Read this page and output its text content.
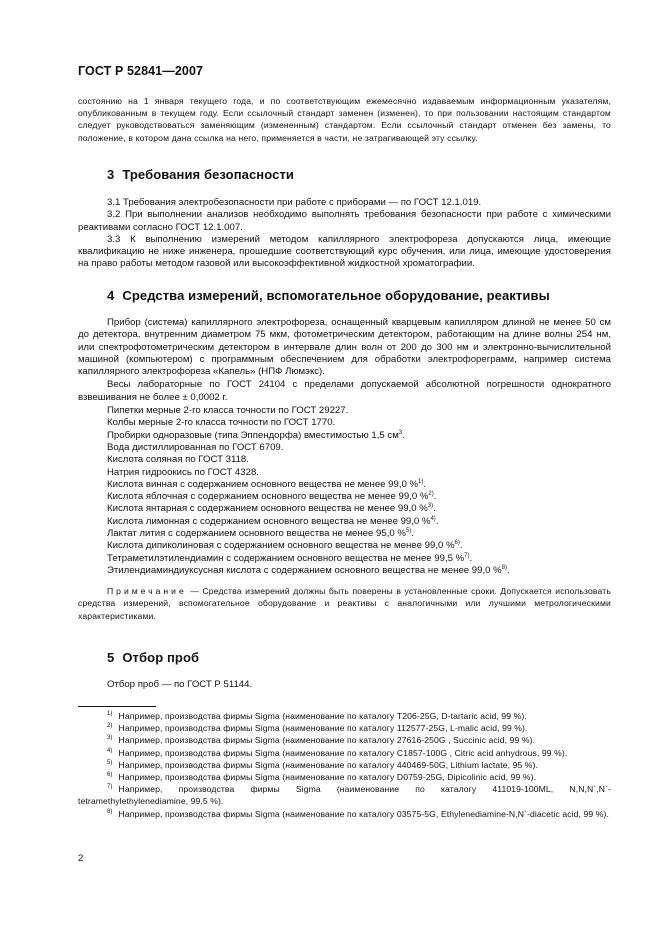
ГОСТ Р 52841—2007

состоянию на 1 января текущего года, и по соответствующим ежемесячно издаваемым информационным указателям, опубликованным в текущем году. Если ссылочный стандарт заменен (изменен), то при пользовании настоящим стандартом следует руководствоваться заменяющим (измененным) стандартом. Если ссылочный стандарт отменен без замены, то положение, в котором дана ссылка на него, применяется в части, не затрагивающей эту ссылку.

3 Требования безопасности

3.1 Требования электробезопасности при работе с приборами — по ГОСТ 12.1.019.

3.2 При выполнении анализов необходимо выполнять требования безопасности при работе с химическими реактивами согласно ГОСТ 12.1.007.

3.3 К выполнению измерений методом капиллярного электрофореза допускаются лица, имеющие квалификацию не ниже инженера, прошедшие соответствующий курс обучения, или лица, имеющие удостоверения на право работы методом газовой или высокоэффективной жидкостной хроматографии.

4 Средства измерений, вспомогательное оборудование, реактивы

Прибор (система) капиллярного электрофореза, оснащенный кварцевым капилляром длиной не менее 50 см до детектора, внутренним диаметром 75 мкм, фотометрическим детектором, работающим на длине волны 254 нм, или спектрофотометрическим детектором в интервале длин волн от 200 до 300 нм и электронно-вычислительной машиной (компьютером) с программным обеспечением для обработки электрофореграмм, например система капиллярного электрофореза «Капель» (НПФ Люмэкс).

Весы лабораторные по ГОСТ 24104 с пределами допускаемой абсолютной погрешности однократного взвешивания не более ± 0,0002 г.

Пипетки мерные 2-го класса точности по ГОСТ 29227.
Колбы мерные 2-го класса точности по ГОСТ 1770.
Пробирки одноразовые (типа Эппендорфа) вместимостью 1,5 $см^3$.
Вода дистиллированная по ГОСТ 6709.
Кислота соляная по ГОСТ 3118.
Натрия гидроокись по ГОСТ 4328.
Кислота винная с содержанием основного вещества не менее 99,0 %$^{1)}$.
Кислота яблочная с содержанием основного вещества не менее 99,0 %$^{2)}$.
Кислота янтарная с содержанием основного вещества не менее 99,0 %$^{3)}$.
Кислота лимонная с содержанием основного вещества не менее 99,0 %$^{4)}$.
Лактат лития с содержанием основного вещества не менее 95,0 %$^{5)}$.
Кислота дипиколиновая с содержанием основного вещества не менее 99,0 %$^{6)}$.
Тетраметилэтилендиамин с содержанием основного вещества не менее 99,5 %$^{7)}$.
Этилендиаминдиуксусная кислота с содержанием основного вещества не менее 99,0 %$^{8)}$.

Примечание — Средства измерений должны быть поверены в установленные сроки. Допускается использовать средства измерений, вспомогательное оборудование и реактивы с аналогичными или лучшими метрологическими характеристиками.

5 Отбор проб

Отбор проб — по ГОСТ Р 51144.

$^{1)}$ Например, производства фирмы Sigma (наименование по каталогу T206-25G, D-tartaric acid, 99 %).
$^{2)}$ Например, производства фирмы Sigma (наименование по каталогу 112577-25G, L-malic acid, 99 %).
$^{3)}$ Например, производства фирмы Sigma (наименование по каталогу 27616-250G , Succinic acid, 99 %).
$^{4)}$ Например, производства фирмы Sigma (наименование по каталогу C1857-100G , Citric acid anhydrous, 99 %).
$^{5)}$ Например, производства фирмы Sigma (наименование по каталогу 440469-50G, Lithium lactate, 95 %).
$^{6)}$ Например, производства фирмы Sigma (наименование по каталогу D0759-25G, Dipicolinic acid, 99 %).
$^{7)}$ Например, производства фирмы Sigma (наименование по каталогу 411019-100ML, N,N,N`,N`-tetramethylethylenediamine, 99,5 %).
$^{8)}$ Например, производства фирмы Sigma (наименование по каталогу 03575-5G, Ethylenediamine-N,N`-diacetic acid, 99 %).
2
